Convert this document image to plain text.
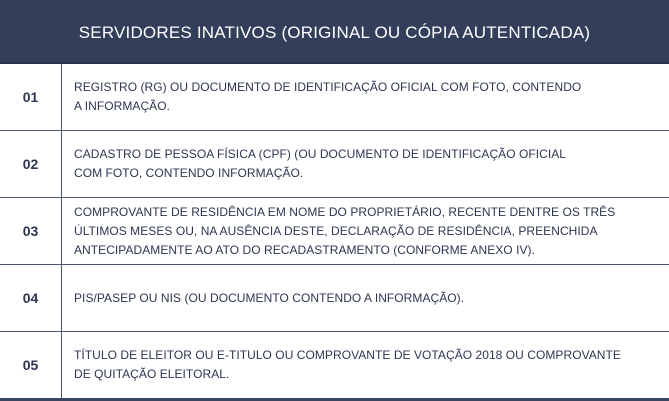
SERVIDORES INATIVOS (ORIGINAL OU CÓPIA AUTENTICADA)
01
REGISTRO (RG) OU DOCUMENTO DE IDENTIFICAÇÃO OFICIAL COM FOTO, CONTENDO
A INFORMAÇÃO.
02
CADASTRO DE PESSOA FÍSICA (CPF) (OU DOCUMENTO DE IDENTIFICAÇÃO OFICIAL
COM FOTO, CONTENDO INFORMAÇÃO.
03
COMPROVANTE DE RESIDÊNCIA EM NOME DO PROPRIETÁRIO, RECENTE DENTRE OS TRÊS
ÚLTIMOS MESES OU, NA AUSÊNCIA DESTE, DECLARAÇÃO DE RESIDÊNCIA, PREENCHIDA
ANTECIPADAMENTE AO ATO DO RECADASTRAMENTO (CONFORME ANEXO IV).
04	PIS/PASEP OU NIS (OU DOCUMENTO CONTENDO A INFORMAÇÃO).
05
TÍTULO DE ELEITOR OU E-TITULO OU COMPROVANTE DE VOTAÇÃO 2018 OU COMPROVANTE
DE QUITAÇÃO ELEITORAL.
